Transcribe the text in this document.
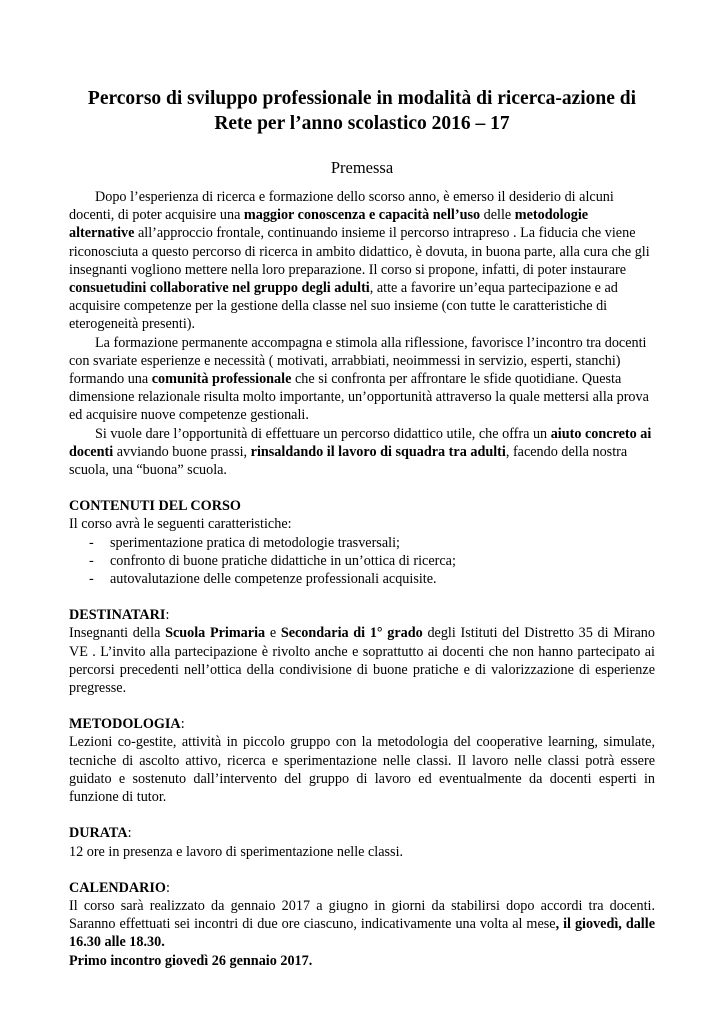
Percorso di sviluppo professionale in modalità di ricerca-azione di
Rete per l’anno scolastico 2016 – 17
Premessa

Dopo l’esperienza di ricerca e formazione dello scorso anno, è emerso il desiderio di alcuni docenti, di poter acquisire una maggior conoscenza e capacità nell’uso delle metodologie alternative all’approccio frontale, continuando insieme il percorso intrapreso . La fiducia che viene riconosciuta a questo percorso di ricerca in ambito didattico, è dovuta, in buona parte, alla cura che gli insegnanti vogliono mettere nella loro preparazione. Il corso si propone, infatti, di poter instaurare consuetudini collaborative nel gruppo degli adulti, atte a favorire un’equa partecipazione e ad acquisire competenze per la gestione della classe nel suo insieme (con tutte le caratteristiche di eterogeneità presenti).

La formazione permanente accompagna e stimola alla riflessione, favorisce l’incontro tra docenti con svariate esperienze e necessità ( motivati, arrabbiati, neoimmessi in servizio, esperti, stanchi) formando una comunità professionale che si confronta per affrontare le sfide quotidiane. Questa dimensione relazionale risulta molto importante, un’opportunità attraverso la quale mettersi alla prova ed acquisire nuove competenze gestionali.

Si vuole dare l’opportunità di effettuare un percorso didattico utile, che offra un aiuto concreto ai docenti avviando buone prassi, rinsaldando il lavoro di squadra tra adulti, facendo della nostra scuola, una “buona” scuola.

CONTENUTI DEL CORSO

Il corso avrà le seguenti caratteristiche:

- sperimentazione pratica di metodologie trasversali;
- confronto di buone pratiche didattiche in un’ottica di ricerca;
- autovalutazione delle competenze professionali acquisite.
DESTINATARI:

Insegnanti della Scuola Primaria e Secondaria di 1° grado degli Istituti del Distretto 35 di Mirano VE . L’invito alla partecipazione è rivolto anche e soprattutto ai docenti che non hanno partecipato ai percorsi precedenti nell’ottica della condivisione di buone pratiche e di valorizzazione di esperienze pregresse.

METODOLOGIA:

Lezioni co-gestite, attività in piccolo gruppo con la metodologia del cooperative learning, simulate, tecniche di ascolto attivo, ricerca e sperimentazione nelle classi. Il lavoro nelle classi potrà essere guidato e sostenuto dall’intervento del gruppo di lavoro ed eventualmente da docenti esperti in funzione di tutor.

DURATA:

12 ore in presenza e lavoro di sperimentazione nelle classi.

CALENDARIO:

Il corso sarà realizzato da gennaio 2017 a giugno in giorni da stabilirsi dopo accordi tra docenti. Saranno effettuati sei incontri di due ore ciascuno, indicativamente una volta al mese, il giovedì, dalle 16.30 alle 18.30.

Primo incontro giovedì 26 gennaio 2017.
